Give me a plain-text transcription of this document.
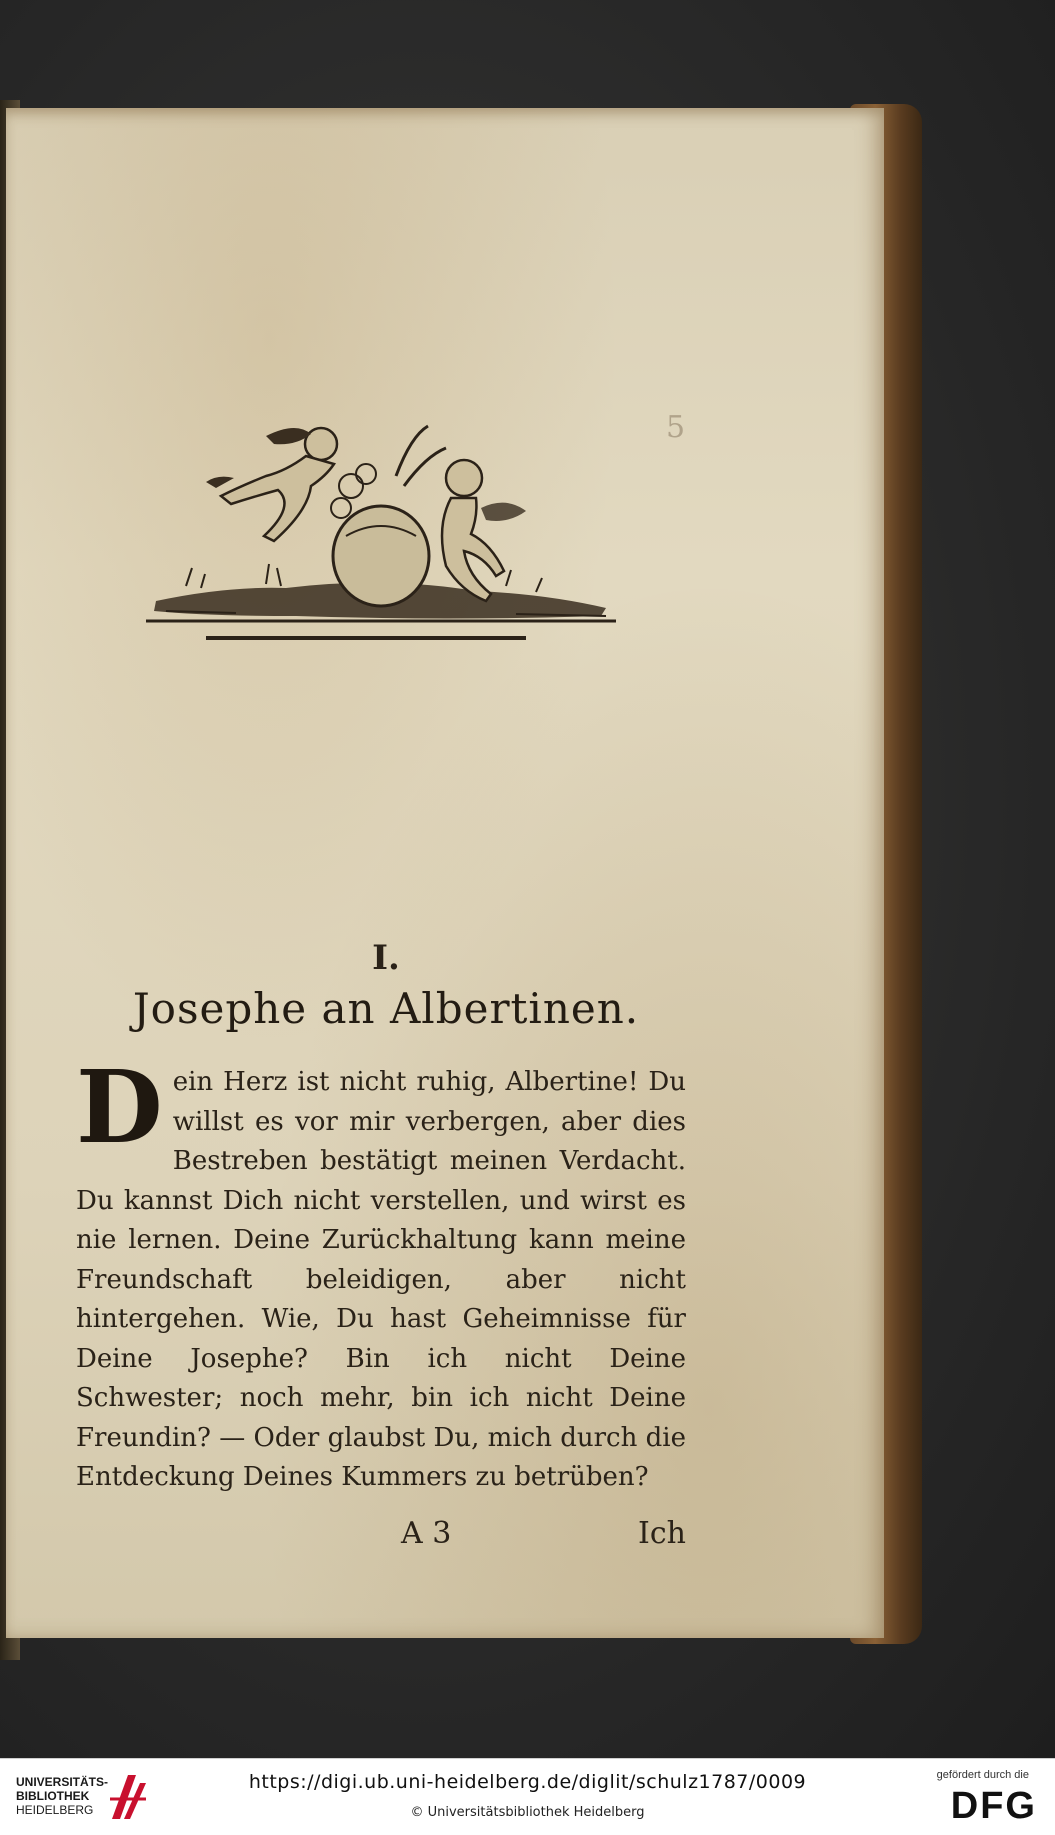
5
I.
Josephe an Albertinen.
Dein Herz ist nicht ruhig, Albertine! Du willst es vor mir verbergen, aber dies Bestreben bestätigt meinen Verdacht. Du kannst Dich nicht verstellen, und wirst es nie lernen. Deine Zurückhaltung kann meine Freundschaft beleidigen, aber nicht hintergehen. Wie, Du hast Geheimnisse für Deine Josephe? Bin ich nicht Deine Schwester; noch mehr, bin ich nicht Deine Freundin? — Oder glaubst Du, mich durch die Entdeckung Deines Kummers zu betrüben?
A 3	Ich
UNIVERSITÄTS-
BIBLIOTHEK
HEIDELBERG
https://digi.ub.uni-heidelberg.de/diglit/schulz1787/0009
© Universitätsbibliothek Heidelberg
gefördert durch die
DFG
